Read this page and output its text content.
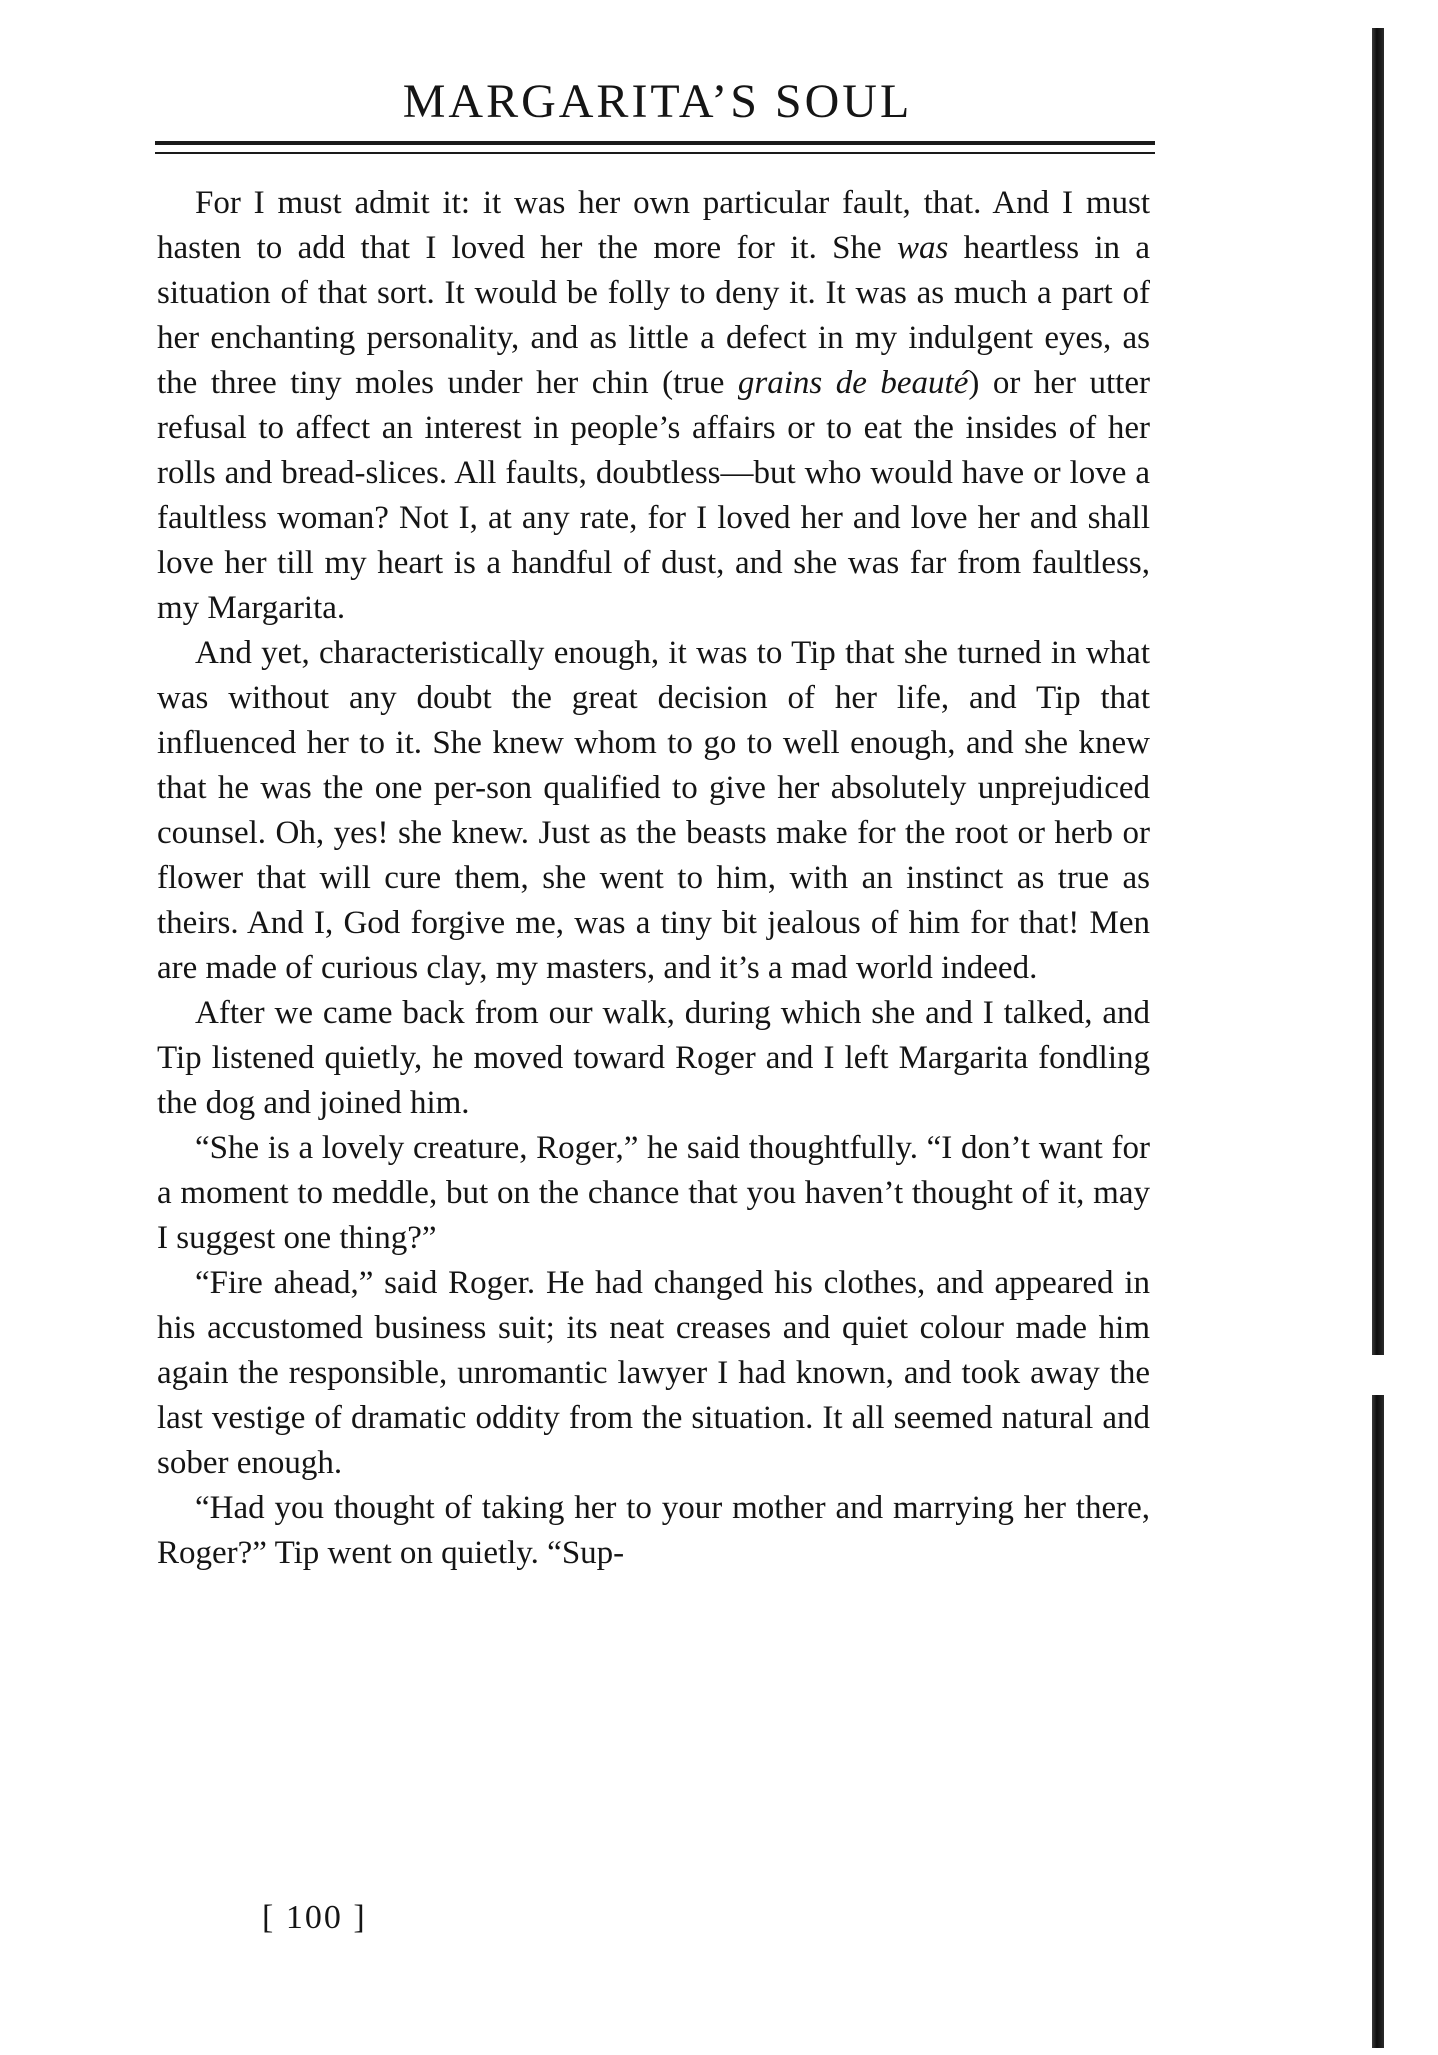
MARGARITA’S SOUL

For I must admit it: it was her own particular fault, that. And I must hasten to add that I loved her the more for it. She was heartless in a situation of that sort. It would be folly to deny it. It was as much a part of her enchanting personality, and as little a defect in my indulgent eyes, as the three tiny moles under her chin (true grains de beauté) or her utter refusal to affect an interest in people’s affairs or to eat the insides of her rolls and bread-slices. All faults, doubtless—but who would have or love a faultless woman? Not I, at any rate, for I loved her and love her and shall love her till my heart is a handful of dust, and she was far from faultless, my Margarita.

And yet, characteristically enough, it was to Tip that she turned in what was without any doubt the great decision of her life, and Tip that influenced her to it. She knew whom to go to well enough, and she knew that he was the one per-son qualified to give her absolutely unprejudiced counsel. Oh, yes! she knew. Just as the beasts make for the root or herb or flower that will cure them, she went to him, with an instinct as true as theirs. And I, God forgive me, was a tiny bit jealous of him for that! Men are made of curious clay, my masters, and it’s a mad world indeed.

After we came back from our walk, during which she and I talked, and Tip listened quietly, he moved toward Roger and I left Margarita fondling the dog and joined him.

“She is a lovely creature, Roger,” he said thoughtfully. “I don’t want for a moment to meddle, but on the chance that you haven’t thought of it, may I suggest one thing?”

“Fire ahead,” said Roger. He had changed his clothes, and appeared in his accustomed business suit; its neat creases and quiet colour made him again the responsible, unromantic lawyer I had known, and took away the last vestige of dramatic oddity from the situation. It all seemed natural and sober enough.

“Had you thought of taking her to your mother and marrying her there, Roger?” Tip went on quietly. “Sup-

[ 100 ]
